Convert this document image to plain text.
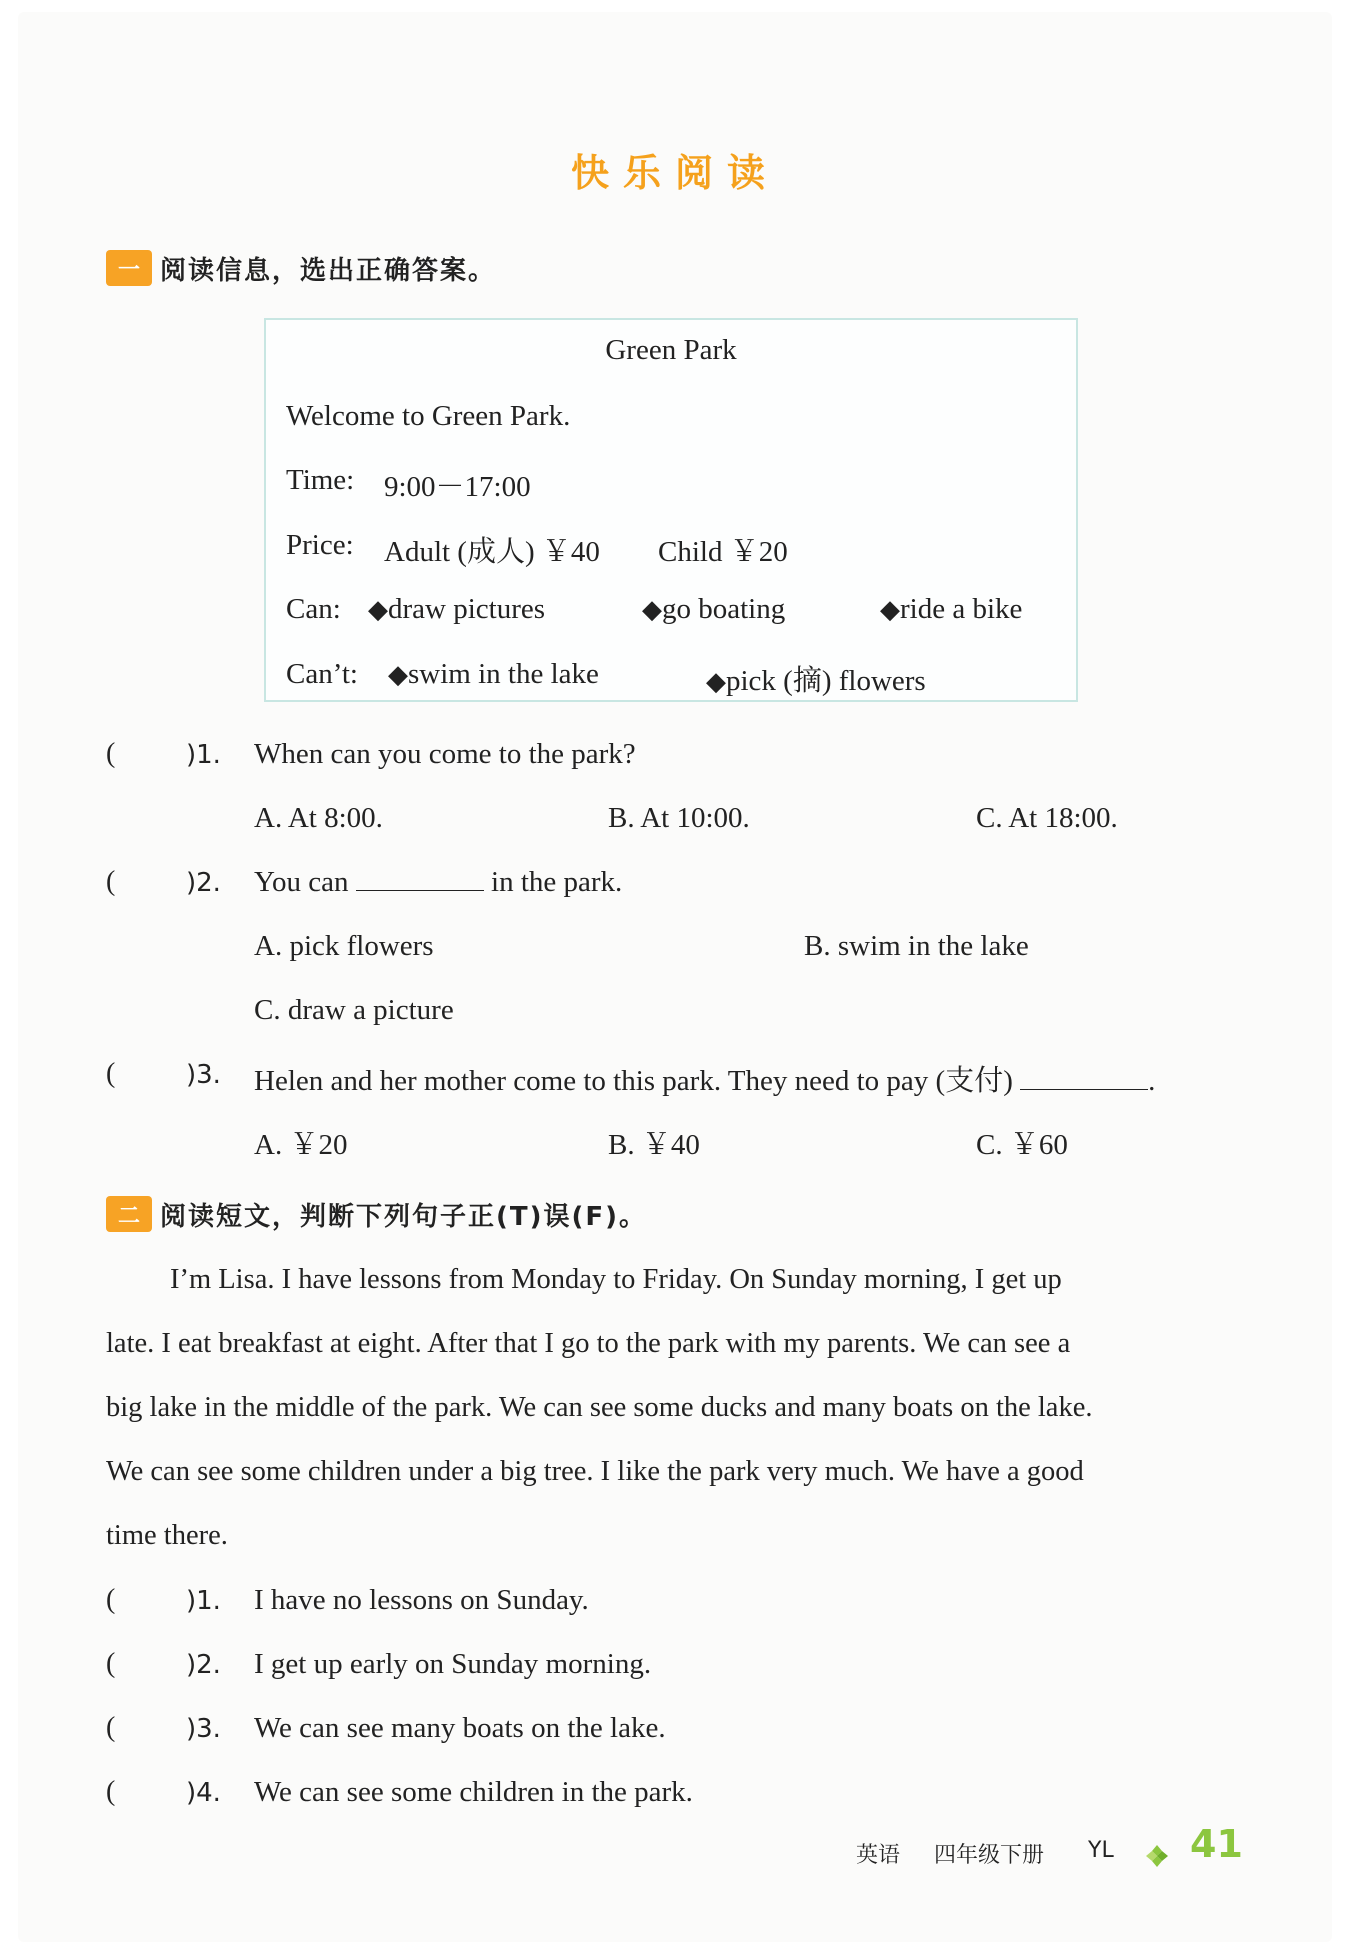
快乐阅读
一 阅读信息，选出正确答案。
Green Park
Welcome to Green Park.
Time: 9:00－17:00
Price: Adult (成人) ￥40 Child ￥20
Can: ◆draw pictures	◆go boating	◆ride a bike
Can’t: ◆swim in the lake	◆pick (摘) flowers
(	)1. When can you come to the park?
A. At 8:00.	B. At 10:00.	C. At 18:00.
(	)2. You can	in the park.
A. pick flowers	B. swim in the lake
C. draw a picture
(	)3. Helen and her mother come to this park. They need to pay (支付)	.
A. ￥20	B. ￥40	C. ￥60
二 阅读短文，判断下列句子正(T)误(F)。
I’m Lisa. I have lessons from Monday to Friday. On Sunday morning, I get up
late. I eat breakfast at eight. After that I go to the park with my parents. We can see a
big lake in the middle of the park. We can see some ducks and many boats on the lake.
We can see some children under a big tree. I like the park very much. We have a good
time there.
(	)1. I have no lessons on Sunday.
(	)2. I get up early on Sunday morning.
(	)3. We can see many boats on the lake.
(	)4. We can see some children in the park.
英语 四年级下册 YL 41
